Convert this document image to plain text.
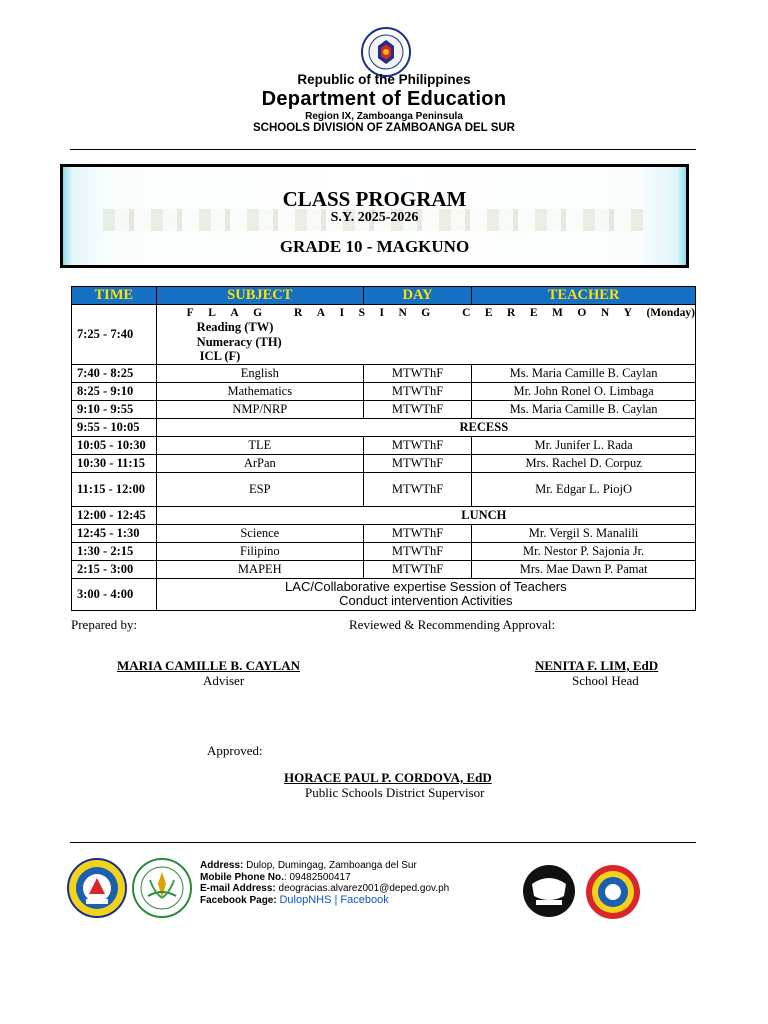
Republic of the Philippines
Department of Education
Region IX, Zamboanga Peninsula
SCHOOLS DIVISION OF ZAMBOANGA DEL SUR
CLASS PROGRAM
S.Y. 2025-2026
GRADE 10 - MAGKUNO
TIME	SUBJECT	DAY	TEACHER
7:25 - 7:40	FLAG RAISING CEREMONY(Monday)
Reading (TW)
Numeracy (TH)
ICL (F)		

7:40 - 8:25	English	MTWThF	Ms. Maria Camille B. Caylan
8:25 - 9:10	Mathematics	MTWThF	Mr. John Ronel O. Limbaga
9:10 - 9:55	NMP/NRP	MTWThF	Ms. Maria Camille B. Caylan
9:55 - 10:05	RECESS		
10:05 - 10:30	TLE	MTWThF	Mr. Junifer L. Rada
10:30 - 11:15	ArPan	MTWThF	Mrs. Rachel D. Corpuz
11:15 - 12:00	ESP	MTWThF	Mr. Edgar L. PiojO
12:00 - 12:45	LUNCH		
12:45 - 1:30	Science	MTWThF	Mr. Vergil S. Manalili
1:30 - 2:15	Filipino	MTWThF	Mr. Nestor P. Sajonia Jr.
2:15 - 3:00	MAPEH	MTWThF	Mrs. Mae Dawn P. Pamat
3:00 - 4:00	LAC/Collaborative expertise Session of Teachers
Conduct intervention Activities		
Prepared by:	Reviewed & Recommending Approval:
MARIA CAMILLE B. CAYLAN
Adviser
NENITA F. LIM, EdD
School Head
Approved:
HORACE PAUL P. CORDOVA, EdD
Public Schools District Supervisor
Address: Dulop, Dumingag, Zamboanga del Sur
Mobile Phone No.: 09482500417
E-mail Address: deogracias.alvarez001@deped.gov.ph
Facebook Page: DulopNHS | Facebook
